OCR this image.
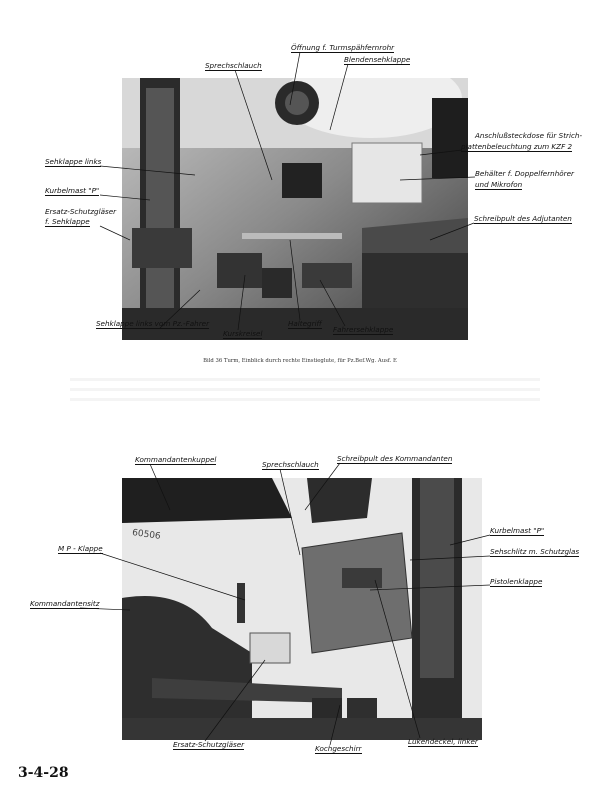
Sprechschlauch
Öffnung f. Turmspähfernrohr
Blendensehklappe
Anschlußsteckdose für Strich-
plattenbeleuchtung zum KZF 2
Sehklappe links
Kurbelmast "P"
Ersatz-Schutzgläser
f. Sehklappe
Behälter f. Doppelfernhörer
und Mikrofon
Schreibpult des Adjutanten
Sehklappe links vom Pz.-Fahrer
Kurskreisel
Haltegriff
Fahrersehklappe
Bild 36 Turm, Einblick durch rechte Einstieglute, für Pz.Bef.Wg. Ausf. E
60506
Kommandantenkuppel
Sprechschlauch
Schreibpult des Kommandanten
Kurbelmast "P"
Sehschlitz m. Schutzglas
Pistolenklappe
M P - Klappe
Kommandantensitz
Ersatz-Schutzgläser	Kochgeschirr
Lukendeckel, linker
3-4-28
